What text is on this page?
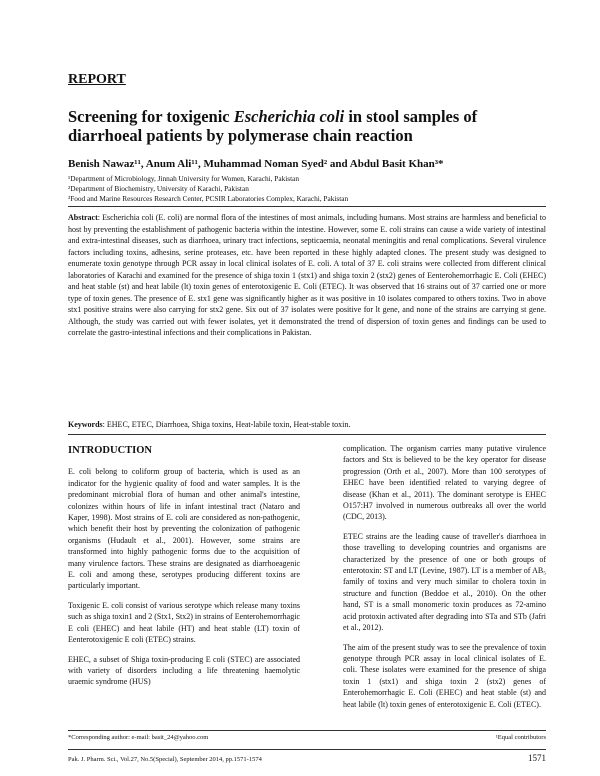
REPORT
Screening for toxigenic Escherichia coli in stool samples of diarrhoeal patients by polymerase chain reaction
Benish Nawaz¹¹, Anum Ali¹¹, Muhammad Noman Syed² and Abdul Basit Khan³*
¹Department of Microbiology, Jinnah University for Women, Karachi, Pakistan
²Department of Biochemistry, University of Karachi, Pakistan
³Food and Marine Resources Research Center, PCSIR Laboratories Complex, Karachi, Pakistan
Abstract: Escherichia coli (E. coli) are normal flora of the intestines of most animals, including humans. Most strains are harmless and beneficial to host by preventing the establishment of pathogenic bacteria within the intestine. However, some E. coli strains can cause a wide variety of intestinal and extra-intestinal diseases, such as diarrhoea, urinary tract infections, septicaemia, neonatal meningitis and renal complications. Several virulence factors including toxins, adhesins, serine proteases, etc. have been reported in these highly adapted clones. The present study was designed to enumerate toxin genotype through PCR assay in local clinical isolates of E. coli. A total of 37 E. coli strains were collected from different clinical laboratories of Karachi and examined for the presence of shiga toxin 1 (stx1) and shiga toxin 2 (stx2) genes of Eenterohemorrhagic E. Coli (EHEC) and heat stable (st) and heat labile (lt) toxin genes of enterotoxigenic E. Coli (ETEC). It was observed that 16 strains out of 37 carried one or more type of toxin genes. The presence of E. stx1 gene was significantly higher as it was positive in 10 isolates compared to others toxins. Two in above stx1 positive strains were also carrying for stx2 gene. Six out of 37 isolates were positive for lt gene, and none of the strains are carrying st gene. Although, the study was carried out with fewer isolates, yet it demonstrated the trend of dispersion of toxin genes and findings can be used to correlate the gastro-intestinal infections and their complications in Pakistan.
Keywords: EHEC, ETEC, Diarrhoea, Shiga toxins, Heat-labile toxin, Heat-stable toxin.

INTRODUCTION

E. coli belong to coliform group of bacteria, which is used as an indicator for the hygienic quality of food and water samples. It is the predominant microbial flora of human and other animal's intestine, colonizes within hours of life in infant intestinal tract (Nataro and Kaper, 1998). Most strains of E. coli are considered as non-pathogenic, which benefit their host by preventing the colonization of pathogenic organisms (Hudault et al., 2001). However, some strains are transformed into highly pathogenic forms due to the acquisition of many virulence factors. These strains are designated as diarrhoeagenic E. coli and among these, serotypes producing different toxins are particularly important.

Toxigenic E. coli consist of various serotype which release many toxins such as shiga toxin1 and 2 (Stx1, Stx2) in strains of Eenterohemorrhagic E coli (EHEC) and heat labile (HT) and heat stable (LT) toxin of Eenterotoxigenic E coli (ETEC) strains.

EHEC, a subset of Shiga toxin-producing E coli (STEC) are associated with variety of disorders including a life threatening haemolytic uraemic syndrome (HUS)

complication. The organism carries many putative virulence factors and Stx is believed to be the key operator for disease progression (Orth et al., 2007). More than 100 serotypes of EHEC have been identified related to varying degree of disease (Khan et al., 2011). The dominant serotype is EHEC O157:H7 involved in numerous outbreaks all over the world (CDC, 2013).

ETEC strains are the leading cause of traveller's diarrhoea in those travelling to developing countries and organisms are characterized by the presence of one or both groups of enterotoxin: ST and LT (Levine, 1987). LT is a member of AB₅ family of toxins and very much similar to cholera toxin in structure and function (Beddoe et al., 2010). On the other hand, ST is a small monomeric toxin produces as 72-amino acid protoxin activated after degrading into STa and STb (Jafri et al., 2012).

The aim of the present study was to see the prevalence of toxin genotype through PCR assay in local clinical isolates of E. coli. These isolates were examined for the presence of shiga toxin 1 (stx1) and shiga toxin 2 (stx2) genes of Enterohemorrhagic E. Coli (EHEC) and heat stable (st) and heat labile (lt) toxin genes of enterotoxigenic E. Coli (ETEC).

*Corresponding author: e-mail: basit_24@yahoo.com	¹Equal contributors
Pak. J. Pharm. Sci., Vol.27, No.5(Special), September 2014, pp.1571-1574	1571
